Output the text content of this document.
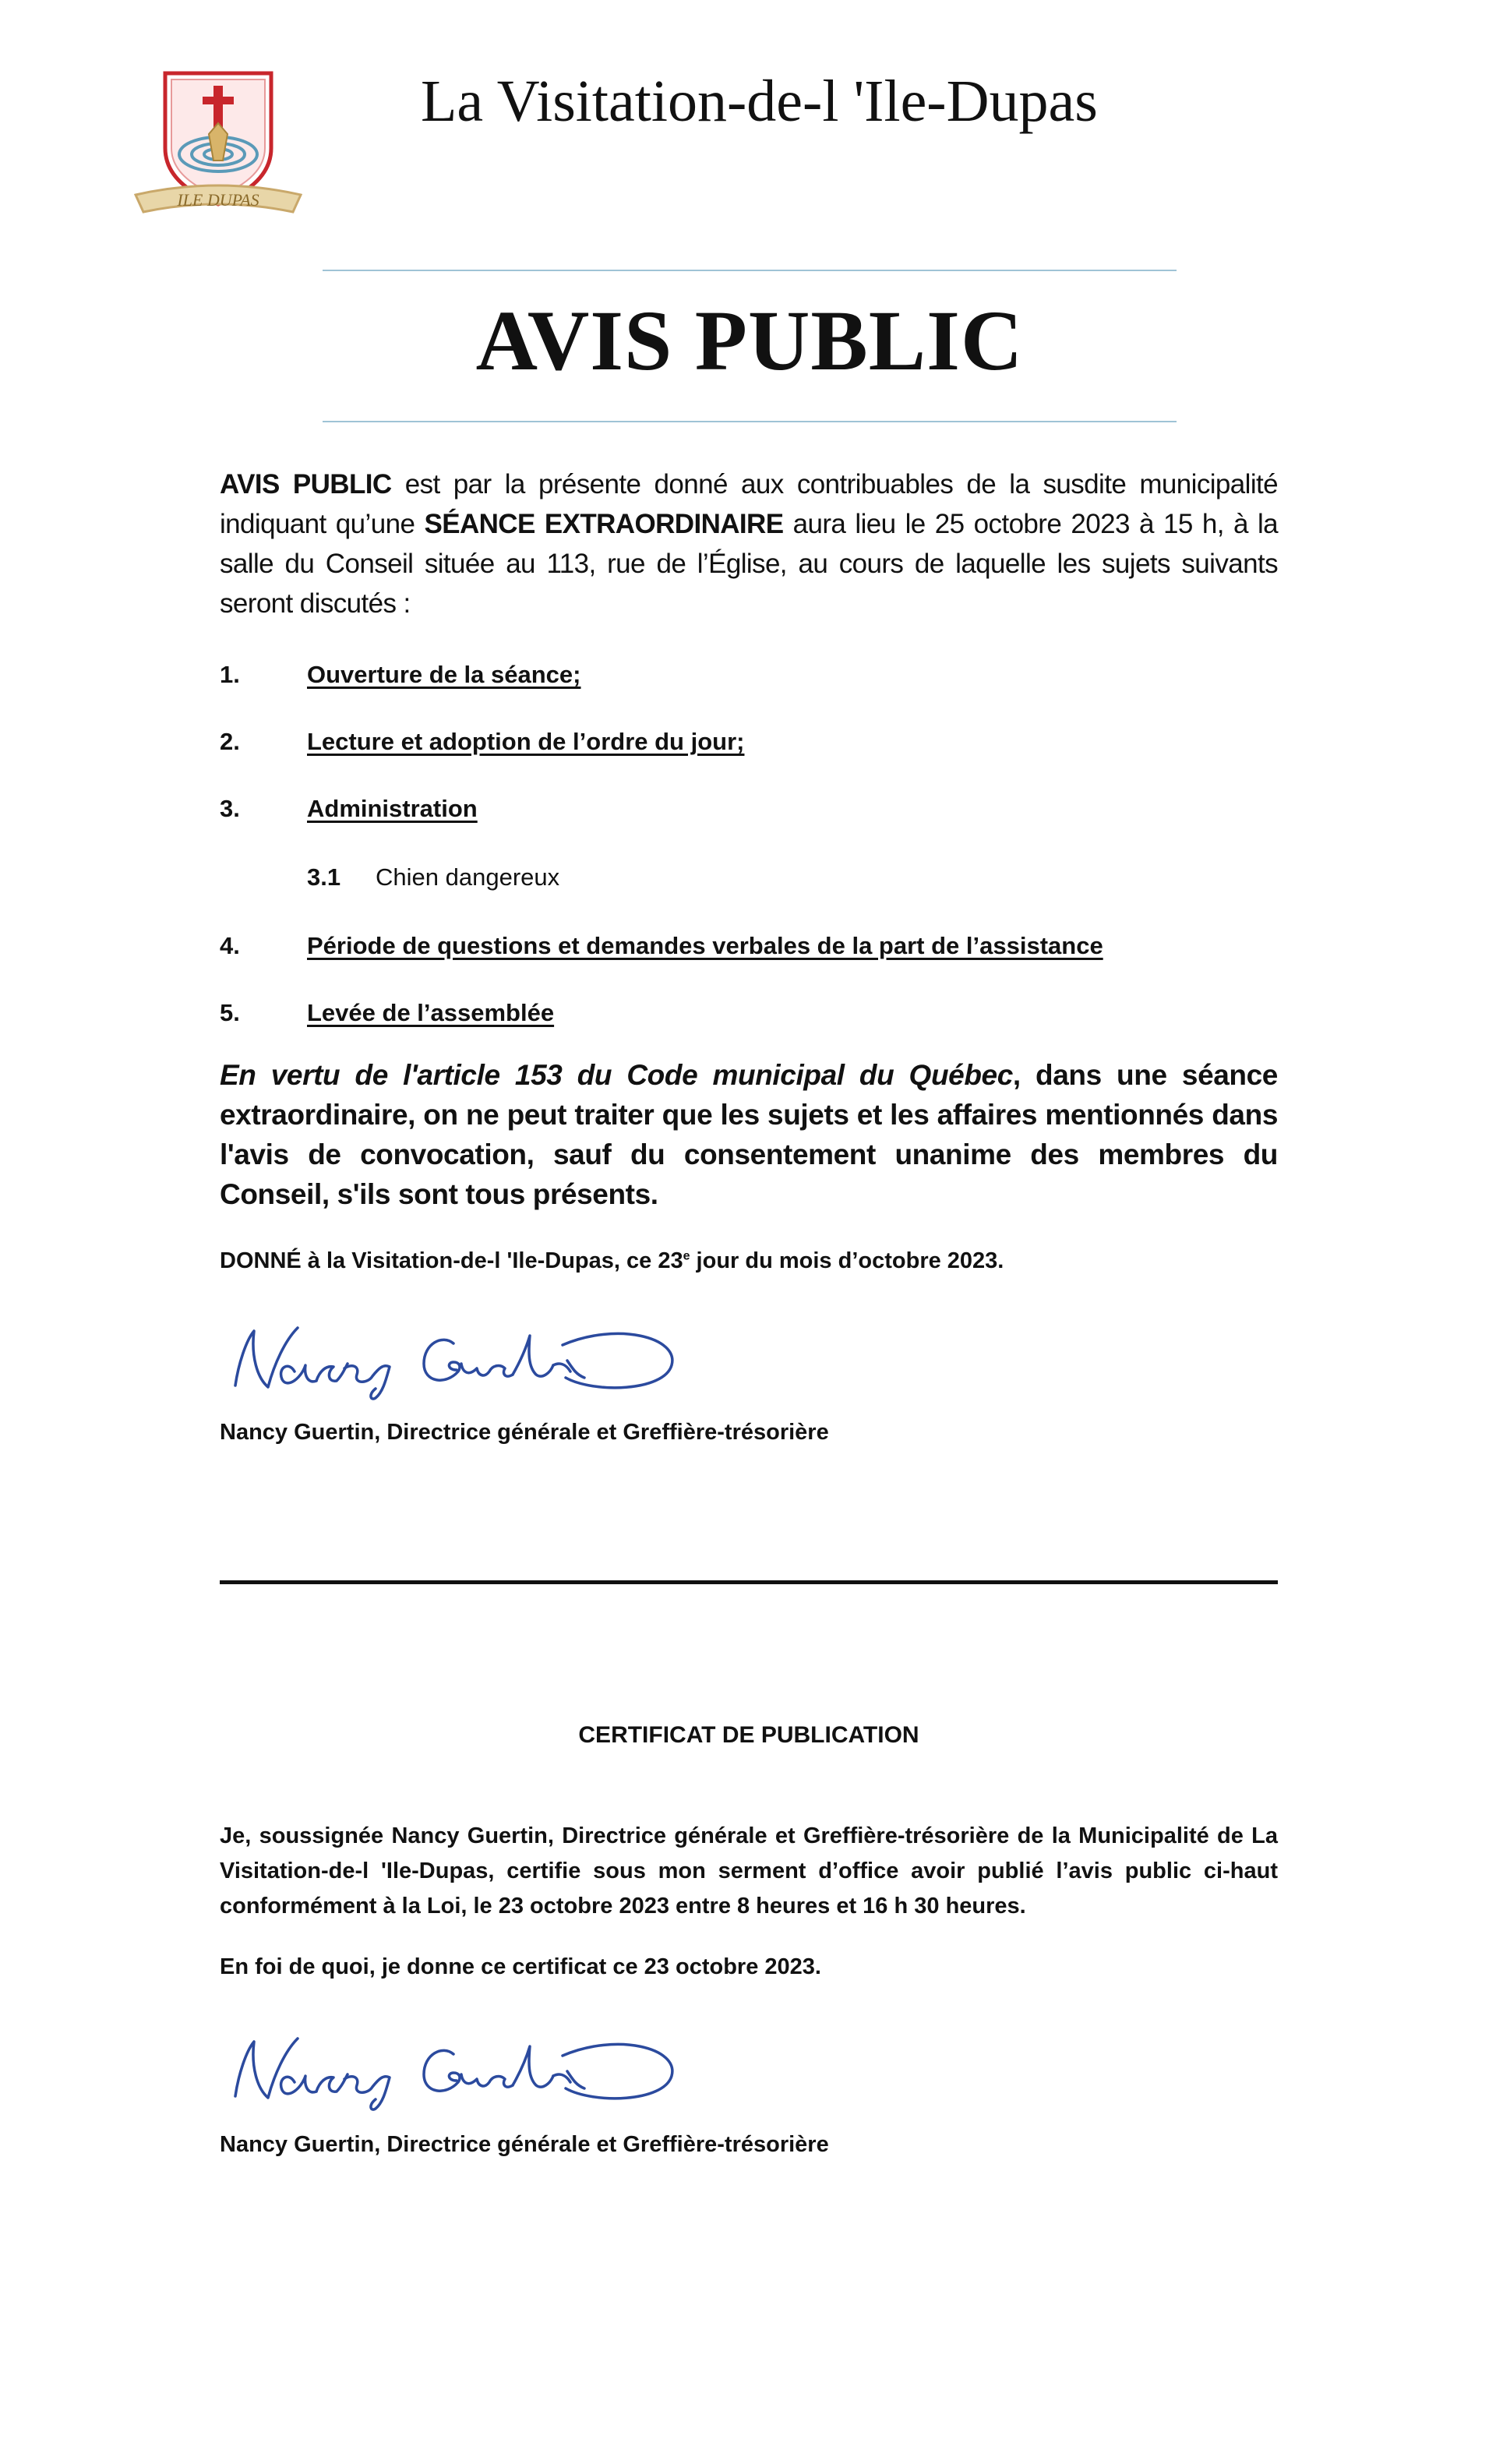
ILE DUPAS
La Visitation-de-l 'Ile-Dupas
AVIS PUBLIC
AVIS PUBLIC est par la présente donné aux contribuables de la susdite municipalité indiquant qu’une SÉANCE EXTRAORDINAIRE aura lieu le 25 octobre 2023 à 15 h, à la salle du Conseil située au 113, rue de l’Église, au cours de laquelle les sujets suivants seront discutés :
1.	Ouverture de la séance;
2.	Lecture et adoption de l’ordre du jour;
3.	Administration
3.1 Chien dangereux
4.	Période de questions et demandes verbales de la part de l’assistance
5.	Levée de l’assemblée
En vertu de l'article 153 du Code municipal du Québec, dans une séance extraordinaire, on ne peut traiter que les sujets et les affaires mentionnés dans l'avis de convocation, sauf du consentement unanime des membres du Conseil, s'ils sont tous présents.
DONNÉ à la Visitation-de-l 'Ile-Dupas, ce 23e jour du mois d’octobre 2023.
Nancy Guertin, Directrice générale et Greffière-trésorière
CERTIFICAT DE PUBLICATION
Je, soussignée Nancy Guertin, Directrice générale et Greffière-trésorière de la Municipalité de La Visitation-de-l 'Ile-Dupas, certifie sous mon serment d’office avoir publié l’avis public ci-haut conformément à la Loi, le 23 octobre 2023 entre 8 heures et 16 h 30 heures.
En foi de quoi, je donne ce certificat ce 23 octobre 2023.
Nancy Guertin, Directrice générale et Greffière-trésorière
